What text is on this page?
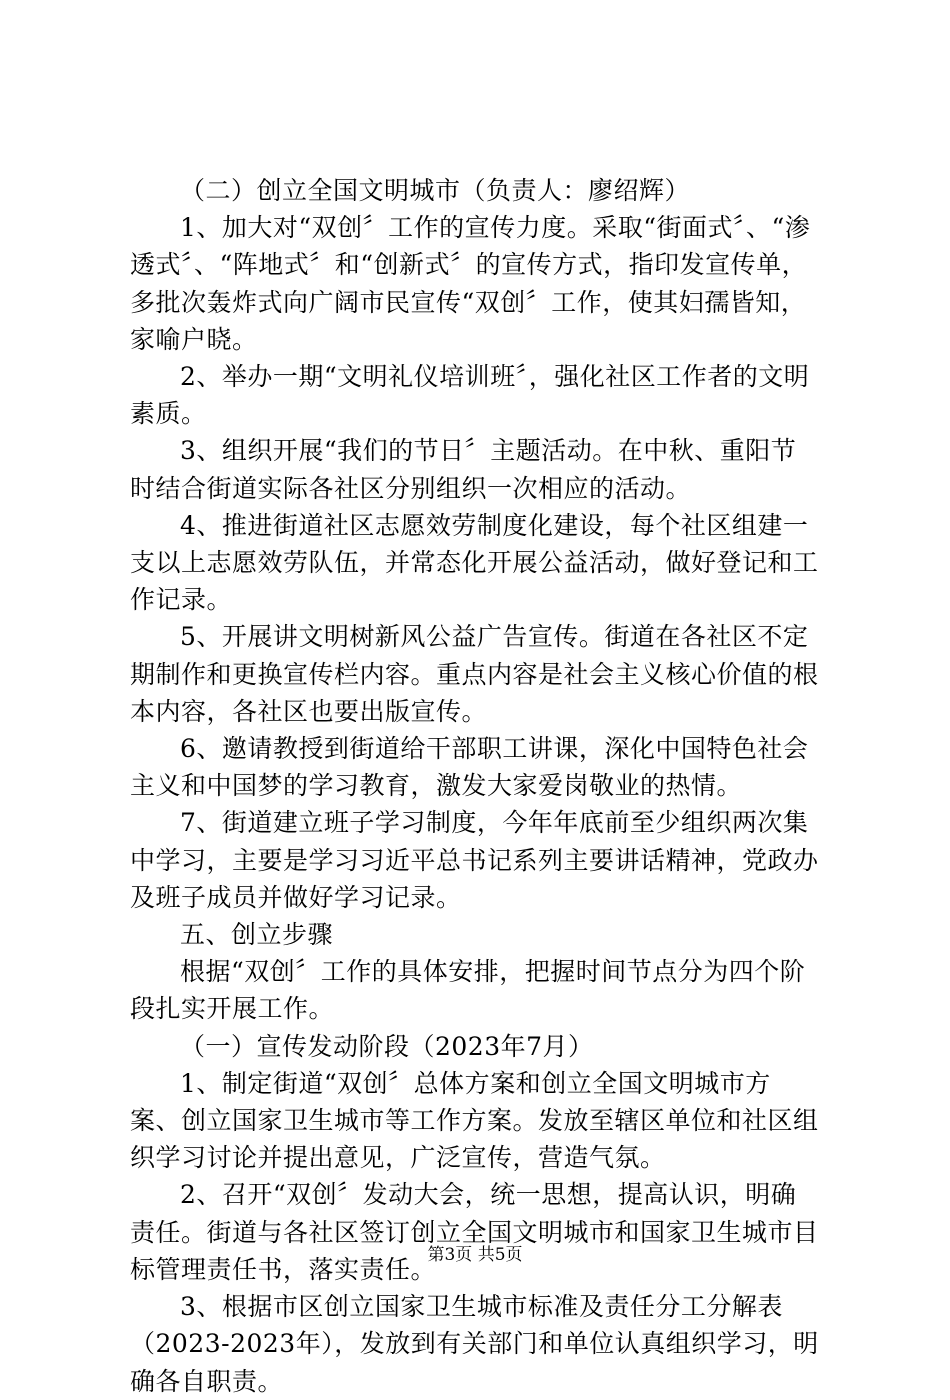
（二）创立全国文明城市（负责人：廖绍辉）

1、加大对“双创〞工作的宣传力度。采取“街面式〞、“渗透式〞、“阵地式〞和“创新式〞的宣传方式，指印发宣传单，多批次轰炸式向广阔市民宣传“双创〞工作，使其妇孺皆知，家喻户晓。

2、举办一期“文明礼仪培训班〞，强化社区工作者的文明素质。

3、组织开展“我们的节日〞主题活动。在中秋、重阳节时结合街道实际各社区分别组织一次相应的活动。

4、推进街道社区志愿效劳制度化建设，每个社区组建一支以上志愿效劳队伍，并常态化开展公益活动，做好登记和工作记录。

5、开展讲文明树新风公益广告宣传。街道在各社区不定期制作和更换宣传栏内容。重点内容是社会主义核心价值的根本内容，各社区也要出版宣传。

6、邀请教授到街道给干部职工讲课，深化中国特色社会主义和中国梦的学习教育，激发大家爱岗敬业的热情。

7、街道建立班子学习制度，今年年底前至少组织两次集中学习，主要是学习习近平总书记系列主要讲话精神，党政办及班子成员并做好学习记录。

五、创立步骤

根据“双创〞工作的具体安排，把握时间节点分为四个阶段扎实开展工作。

（一）宣传发动阶段（2023年7月）

1、制定街道“双创〞总体方案和创立全国文明城市方案、创立国家卫生城市等工作方案。发放至辖区单位和社区组织学习讨论并提出意见，广泛宣传，营造气氛。

2、召开“双创〞发动大会，统一思想，提高认识，明确责任。街道与各社区签订创立全国文明城市和国家卫生城市目标管理责任书，落实责任。

3、根据市区创立国家卫生城市标准及责任分工分解表（2023-2023年），发放到有关部门和单位认真组织学习，明确各自职责。

第3页 共5页
